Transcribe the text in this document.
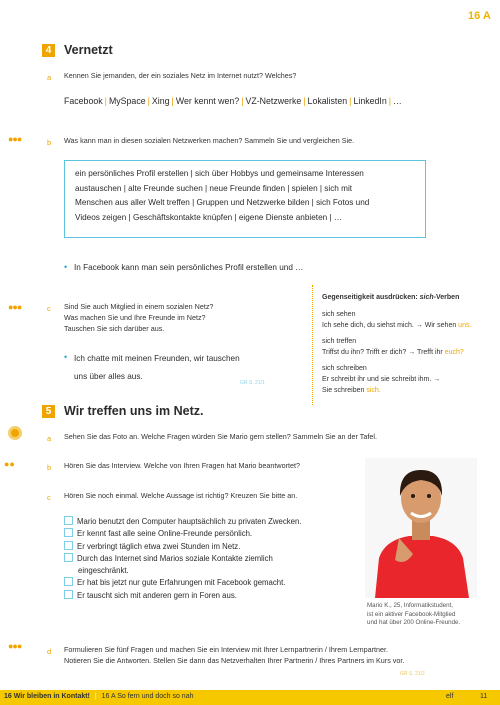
16 A
4 Vernetzt
a Kennen Sie jemanden, der ein soziales Netz im Internet nutzt? Welches?
Facebook | MySpace | Xing | Wer kennt wen? | VZ-Netzwerke | Lokalisten | LinkedIn | …
●●●	b Was kann man in diesen sozialen Netzwerken machen? Sammeln Sie und vergleichen Sie.
ein persönliches Profil erstellen | sich über Hobbys und gemeinsame Interessen
austauschen | alte Freunde suchen | neue Freunde finden | spielen | sich mit
Menschen aus aller Welt treffen | Gruppen und Netzwerke bilden | sich Fotos und
Videos zeigen | Geschäftskontakte knüpfen | eigene Dienste anbieten | …
• In Facebook kann man sein persönliches Profil erstellen und …
●●●	c Sind Sie auch Mitglied in einem sozialen Netz?
Was machen Sie und Ihre Freunde im Netz?
Tauschen Sie sich darüber aus.
• Ich chatte mit meinen Freunden, wir tauschen
uns über alles aus.
GR S. 21/1
Gegenseitigkeit ausdrücken: sich-Verben
sich sehen
Ich sehe dich, du siehst mich. → Wir sehen uns.
sich treffen
Triffst du ihn? Trifft er dich? → Trefft ihr euch?
sich schreiben
Er schreibt ihr und sie schreibt ihm. →
Sie schreiben sich.
5 Wir treffen uns im Netz.
a Sehen Sie das Foto an. Welche Fragen würden Sie Mario gern stellen? Sammeln Sie an der Tafel.
●●	b Hören Sie das Interview. Welche von Ihren Fragen hat Mario beantwortet?
c Hören Sie noch einmal. Welche Aussage ist richtig? Kreuzen Sie bitte an.
Mario benutzt den Computer hauptsächlich zu privaten Zwecken.
Er kennt fast alle seine Online-Freunde persönlich.
Er verbringt täglich etwa zwei Stunden im Netz.
Durch das Internet sind Marios soziale Kontakte ziemlich
eingeschränkt.
Er hat bis jetzt nur gute Erfahrungen mit Facebook gemacht.
Er tauscht sich mit anderen gern in Foren aus.
Mario K., 25, Informatikstudent,
ist ein aktiver Facebook-Mitglied
und hat über 200 Online-Freunde.
●●●
d Formulieren Sie fünf Fragen und machen Sie ein Interview mit Ihrer Lernpartnerin / Ihrem Lernpartner.
Notieren Sie die Antworten. Stellen Sie dann das Netzverhalten Ihrer Partnerin / Ihres Partners im Kurs vor.
GR S. 21/2
16 Wir bleiben in Kontakt! | 16 A So fern und doch so nah	elf	11
